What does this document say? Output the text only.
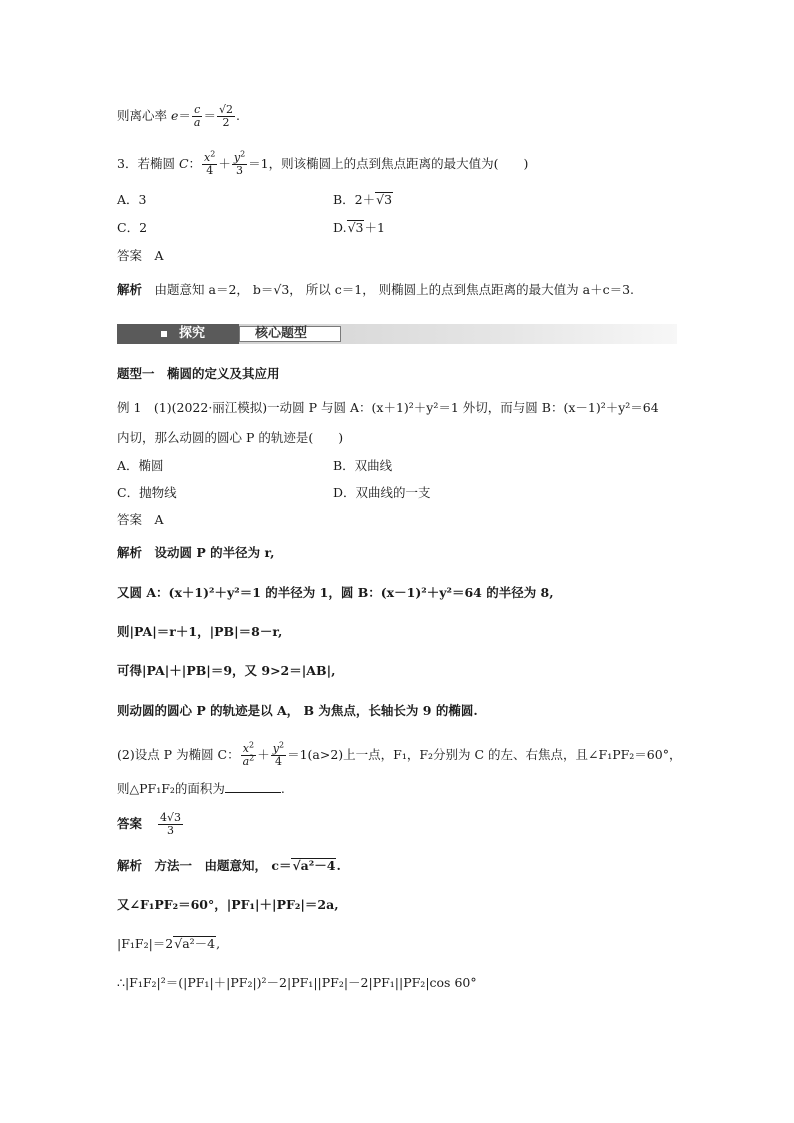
则离心率 $e= \frac{c}{a} = \frac{√2}{2}$ .
3．若椭圆 C： $\frac{x^2}{4} + \frac{y^2}{3} =1$，则该椭圆上的点到焦点距离的最大值为(　　)
A．3	B．2＋√3
C．2	D.√3＋1
答案　A
解析　由题意知 a＝2， b＝√3， 所以 c＝1， 则椭圆上的点到焦点距离的最大值为 a＋c＝3.
探究	核心题型
题型一　椭圆的定义及其应用
例 1　(1)(2022·丽江模拟)一动圆 P 与圆 A：(x＋1)²＋y²＝1 外切，而与圆 B：(x－1)²＋y²＝64
内切，那么动圆的圆心 P 的轨迹是(　　)
A．椭圆	B．双曲线
C．抛物线	D．双曲线的一支
答案　A
解析　设动圆 P 的半径为 r,
又圆 A：(x＋1)²＋y²＝1 的半径为 1，圆 B：(x－1)²＋y²＝64 的半径为 8,
则|PA|＝r＋1，|PB|＝8－r,
可得|PA|＋|PB|＝9，又 9>2＝|AB|,
则动圆的圆心 P 的轨迹是以 A， B 为焦点，长轴长为 9 的椭圆.
(2)设点 P 为椭圆 C： $\frac{x^2}{a^2} + \frac{y^2}{4} =1(a>2)$上一点，F₁，F₂分别为 C 的左、右焦点，且∠F₁PF₂＝60°，
则△PF₁F₂的面积为	.
答案 $\frac{4√3}{3}$
解析　方法一　由题意知， c＝√a²－4.
又∠F₁PF₂＝60°，|PF₁|＋|PF₂|＝2a,
|F₁F₂|＝2√a²－4,
∴|F₁F₂|²＝(|PF₁|＋|PF₂|)²－2|PF₁||PF₂|－2|PF₁||PF₂|cos 60°
